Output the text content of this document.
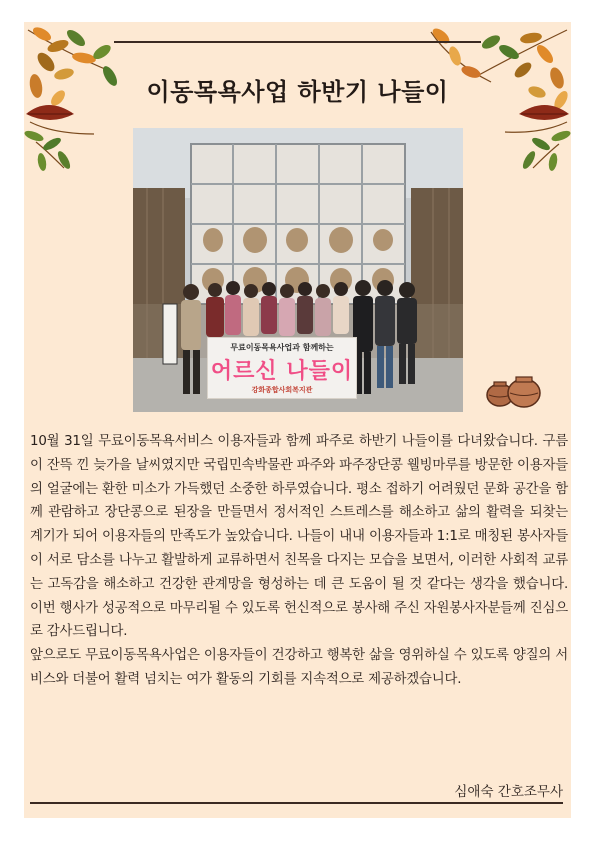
이동목욕사업 하반기 나들이
무료이동목욕사업과 함께하는
어르신 나들이
강화종합사회복지관

10월 31일 무료이동목욕서비스 이용자들과 함께 파주로 하반기 나들이를 다녀왔습니다. 구름이 잔뜩 낀 늦가을 날씨였지만 국립민속박물관 파주와 파주장단콩 웰빙마루를 방문한 이용자들의 얼굴에는 환한 미소가 가득했던 소중한 하루였습니다. 평소 접하기 어려웠던 문화 공간을 함께 관람하고 장단콩으로 된장을 만들면서 정서적인 스트레스를 해소하고 삶의 활력을 되찾는 계기가 되어 이용자들의 만족도가 높았습니다. 나들이 내내 이용자들과 1:1로 매칭된 봉사자들이 서로 담소를 나누고 활발하게 교류하면서 친목을 다지는 모습을 보면서, 이러한 사회적 교류는 고독감을 해소하고 건강한 관계망을 형성하는 데 큰 도움이 될 것 같다는 생각을 했습니다. 이번 행사가 성공적으로 마무리될 수 있도록 헌신적으로 봉사해 주신 자원봉사자분들께 진심으로 감사드립니다.

앞으로도 무료이동목욕사업은 이용자들이 건강하고 행복한 삶을 영위하실 수 있도록 양질의 서비스와 더불어 활력 넘치는 여가 활동의 기회를 지속적으로 제공하겠습니다.

심애숙 간호조무사
